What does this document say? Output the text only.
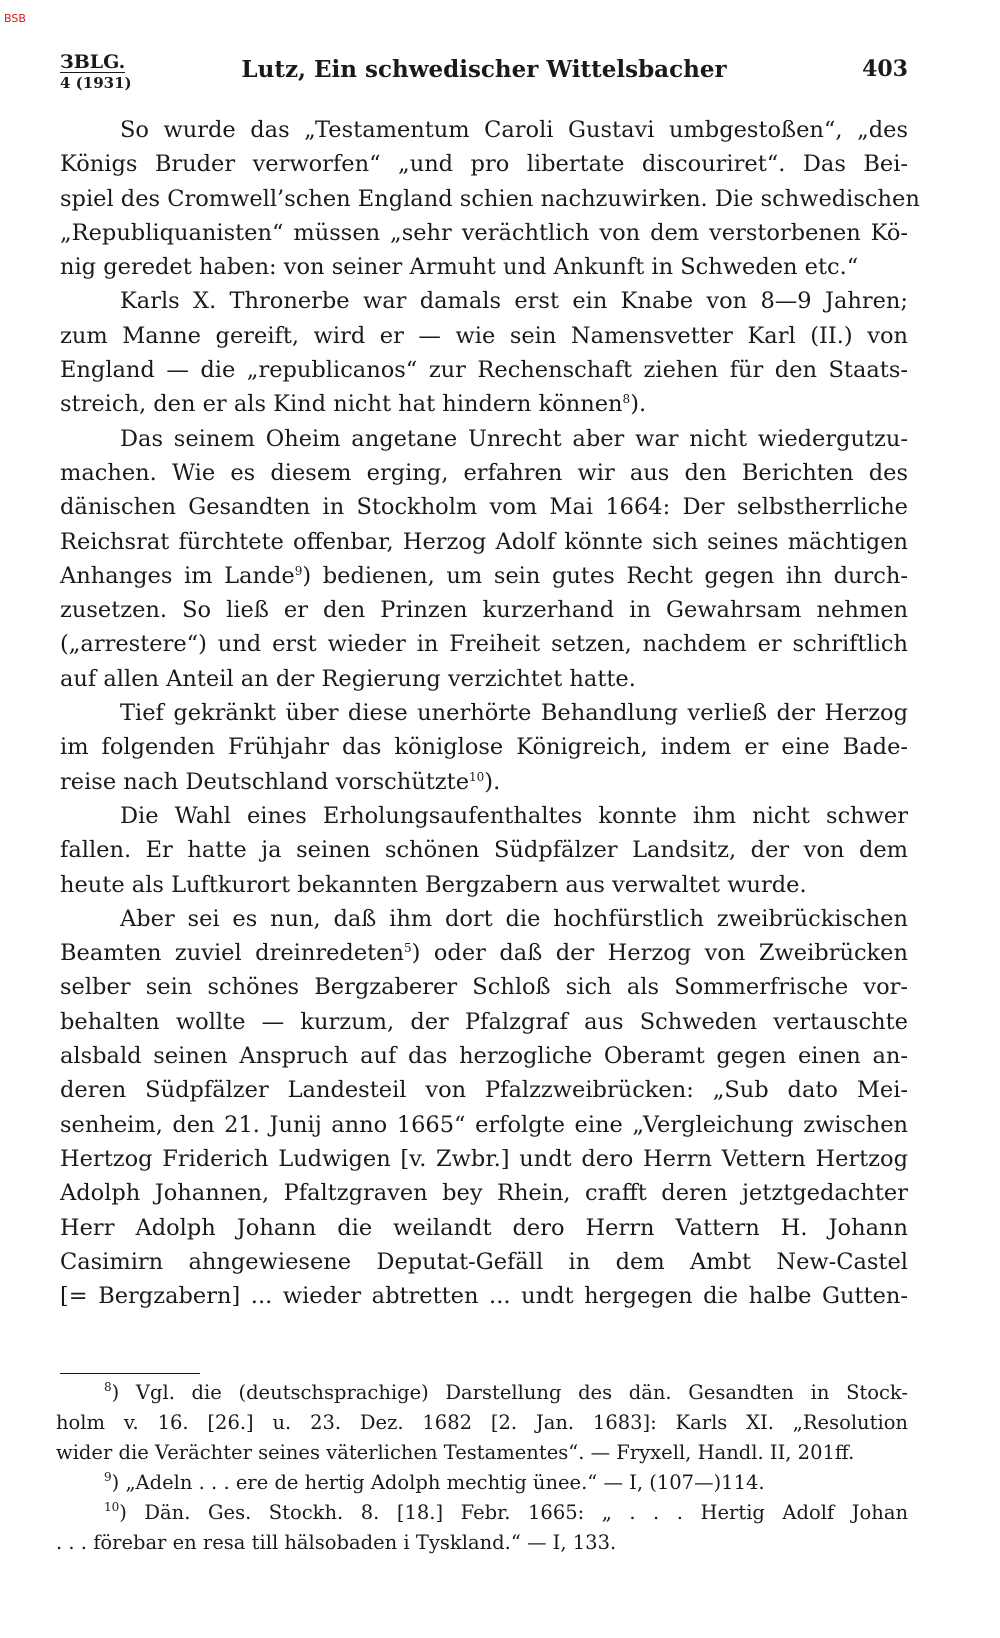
BSB
ЗВLG.
4 (1931)	Lutz, Ein schwedischer Wittelsbacher	403
So wurde das „Testamentum Caroli Gustavi umbgestoßen“, „des
Königs Bruder verworfen“ „und pro libertate discouriret“. Das Bei-
spiel des Cromwell’schen England schien nachzuwirken. Die schwedischen
„Republiquanisten“ müssen „sehr verächtlich von dem verstorbenen Kö-
nig geredet haben: von seiner Armuht und Ankunft in Schweden etc.“
Karls X. Thronerbe war damals erst ein Knabe von 8—9 Jahren;
zum Manne gereift, wird er — wie sein Namensvetter Karl (II.) von
England — die „republicanos“ zur Rechenschaft ziehen für den Staats-
streich, den er als Kind nicht hat hindern können$^8$).
Das seinem Oheim angetane Unrecht aber war nicht wiedergutzu-
machen. Wie es diesem erging, erfahren wir aus den Berichten des
dänischen Gesandten in Stockholm vom Mai 1664: Der selbstherrliche
Reichsrat fürchtete offenbar, Herzog Adolf könnte sich seines mächtigen
Anhanges im Lande$^9$) bedienen, um sein gutes Recht gegen ihn durch-
zusetzen. So ließ er den Prinzen kurzerhand in Gewahrsam nehmen
(„arrestere“) und erst wieder in Freiheit setzen, nachdem er schriftlich
auf allen Anteil an der Regierung verzichtet hatte.
Tief gekränkt über diese unerhörte Behandlung verließ der Herzog
im folgenden Frühjahr das königlose Königreich, indem er eine Bade-
reise nach Deutschland vorschützte$^{10}$).
Die Wahl eines Erholungsaufenthaltes konnte ihm nicht schwer
fallen. Er hatte ja seinen schönen Südpfälzer Landsitz, der von dem
heute als Luftkurort bekannten Bergzabern aus verwaltet wurde.
Aber sei es nun, daß ihm dort die hochfürstlich zweibrückischen
Beamten zuviel dreinredeten$^5$) oder daß der Herzog von Zweibrücken
selber sein schönes Bergzaberer Schloß sich als Sommerfrische vor-
behalten wollte — kurzum, der Pfalzgraf aus Schweden vertauschte
alsbald seinen Anspruch auf das herzogliche Oberamt gegen einen an-
deren Südpfälzer Landesteil von Pfalzzweibrücken: „Sub dato Mei-
senheim, den 21. Junij anno 1665“ erfolgte eine „Vergleichung zwischen
Hertzog Friderich Ludwigen [v. Zwbr.] undt dero Herrn Vettern Hertzog
Adolph Johannen, Pfaltzgraven bey Rhein, crafft deren jetztgedachter
Herr Adolph Johann die weilandt dero Herrn Vattern H. Johann
Casimirn ahngewiesene Deputat-Gefäll in dem Ambt New-Castel
[= Bergzabern] ... wieder abtretten ... undt hergegen die halbe Gutten-
$^8$) Vgl. die (deutschsprachige) Darstellung des dän. Gesandten in Stock-
holm v. 16. [26.] u. 23. Dez. 1682 [2. Jan. 1683]: Karls XI. „Resolution
wider die Verächter seines väterlichen Testamentes“. — Fryxell, Handl. II, 201ff.
$^9$) „Adeln . . . ere de hertig Adolph mechtig ünee.“ — I, (107—)114.
$^{10}$) Dän. Ges. Stockh. 8. [18.] Febr. 1665: „ . . . Hertig Adolf Johan
. . . förebar en resa till hälsobaden i Tyskland.“ — I, 133.
